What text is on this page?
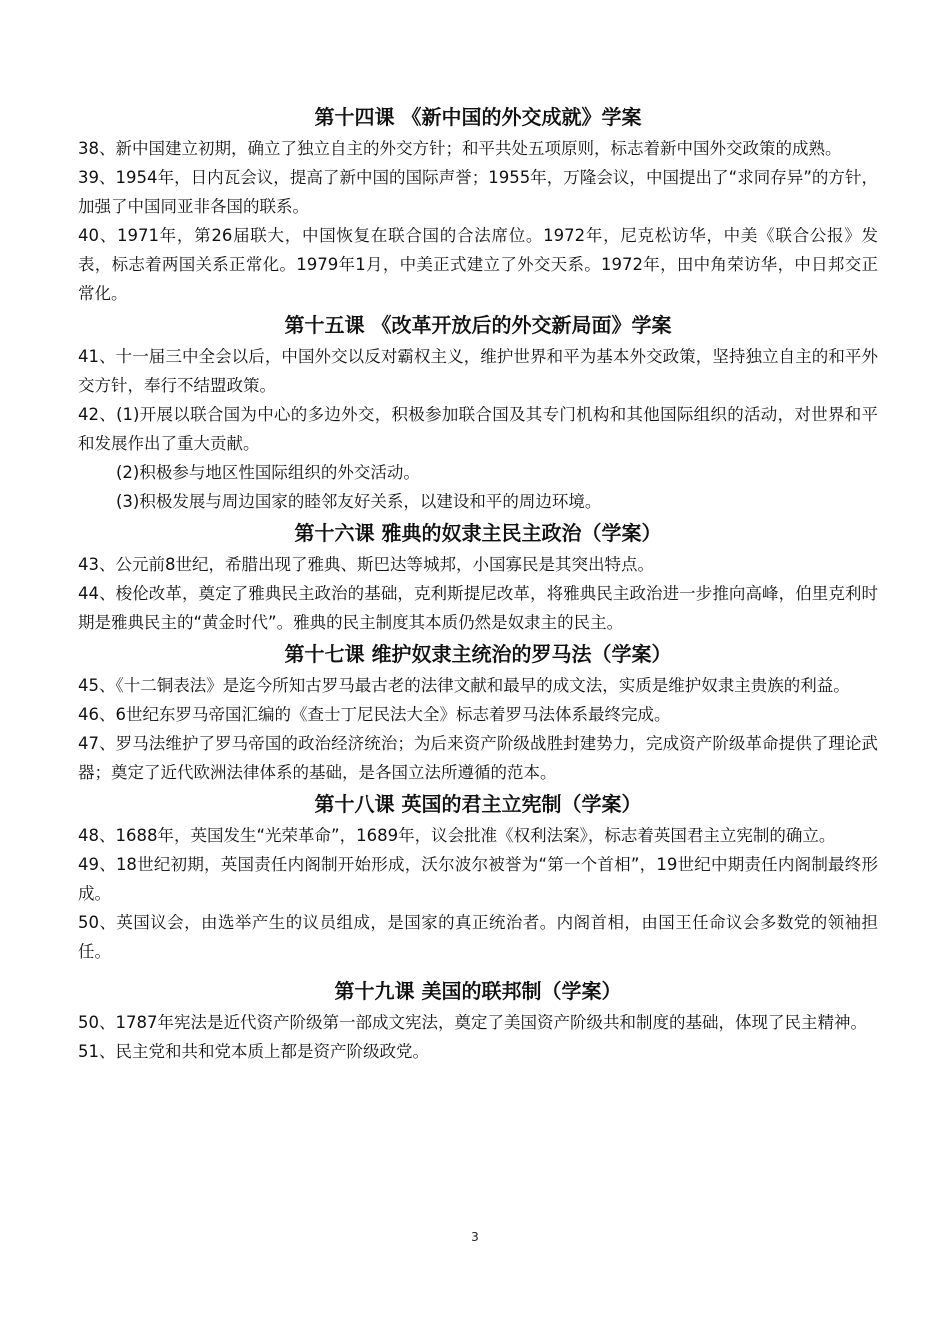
第十四课 《新中国的外交成就》学案

38、新中国建立初期，确立了独立自主的外交方针；和平共处五项原则，标志着新中国外交政策的成熟。

39、1954年，日内瓦会议，提高了新中国的国际声誉；1955年，万隆会议，中国提出了“求同存异”的方针，加强了中国同亚非各国的联系。

40、1971年，第26届联大，中国恢复在联合国的合法席位。1972年，尼克松访华，中美《联合公报》发表，标志着两国关系正常化。1979年1月，中美正式建立了外交天系。1972年，田中角荣访华，中日邦交正常化。

第十五课 《改革开放后的外交新局面》学案

41、十一届三中全会以后，中国外交以反对霸权主义，维护世界和平为基本外交政策，坚持独立自主的和平外交方针，奉行不结盟政策。

42、(1)开展以联合国为中心的多边外交，积极参加联合国及其专门机构和其他国际组织的活动，对世界和平和发展作出了重大贡献。

(2)积极参与地区性国际组织的外交活动。

(3)积极发展与周边国家的睦邻友好关系，以建设和平的周边环境。

第十六课 雅典的奴隶主民主政治（学案）

43、公元前8世纪，希腊出现了雅典、斯巴达等城邦，小国寡民是其突出特点。

44、梭伦改革，奠定了雅典民主政治的基础，克利斯提尼改革，将雅典民主政治进一步推向高峰，伯里克利时期是雅典民主的“黄金时代”。雅典的民主制度其本质仍然是奴隶主的民主。

第十七课 维护奴隶主统治的罗马法（学案）

45、《十二铜表法》是迄今所知古罗马最古老的法律文献和最早的成文法，实质是维护奴隶主贵族的利益。

46、6世纪东罗马帝国汇编的《查士丁尼民法大全》标志着罗马法体系最终完成。

47、罗马法维护了罗马帝国的政治经济统治；为后来资产阶级战胜封建势力，完成资产阶级革命提供了理论武器；奠定了近代欧洲法律体系的基础，是各国立法所遵循的范本。

第十八课 英国的君主立宪制（学案）

48、1688年，英国发生“光荣革命”，1689年，议会批准《权利法案》，标志着英国君主立宪制的确立。

49、18世纪初期，英国责任内阁制开始形成，沃尔波尔被誉为“第一个首相”，19世纪中期责任内阁制最终形成。

50、英国议会，由选举产生的议员组成，是国家的真正统治者。内阁首相，由国王任命议会多数党的领袖担任。

第十九课 美国的联邦制（学案）

50、1787年宪法是近代资产阶级第一部成文宪法，奠定了美国资产阶级共和制度的基础，体现了民主精神。

51、民主党和共和党本质上都是资产阶级政党。

3
